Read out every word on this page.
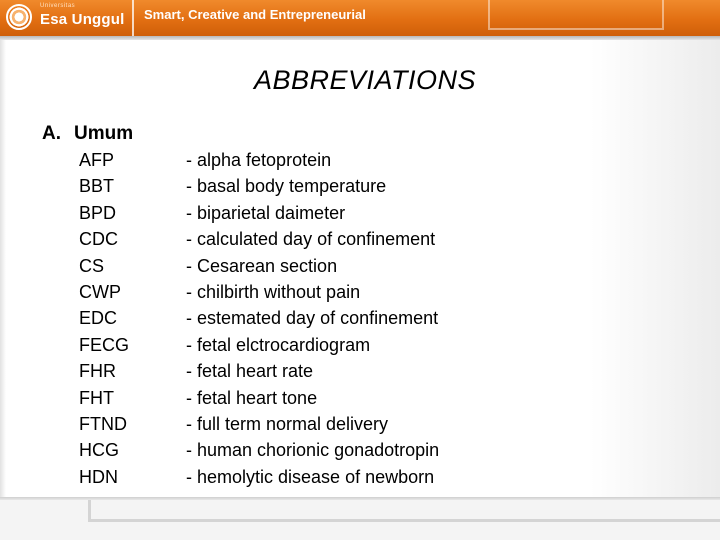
Universitas
Esa Unggul Smart, Creative and Entrepreneurial
ABBREVIATIONS
A. Umum
AFP	- alpha fetoprotein
BBT	- basal body temperature
BPD	- biparietal daimeter
CDC	- calculated day of confinement
CS	- Cesarean section
CWP	- chilbirth without pain
EDC	- estemated day of confinement
FECG	- fetal elctrocardiogram
FHR	- fetal heart rate
FHT	- fetal heart tone
FTND	- full term normal delivery
HCG	- human chorionic gonadotropin
HDN	- hemolytic disease of newborn
